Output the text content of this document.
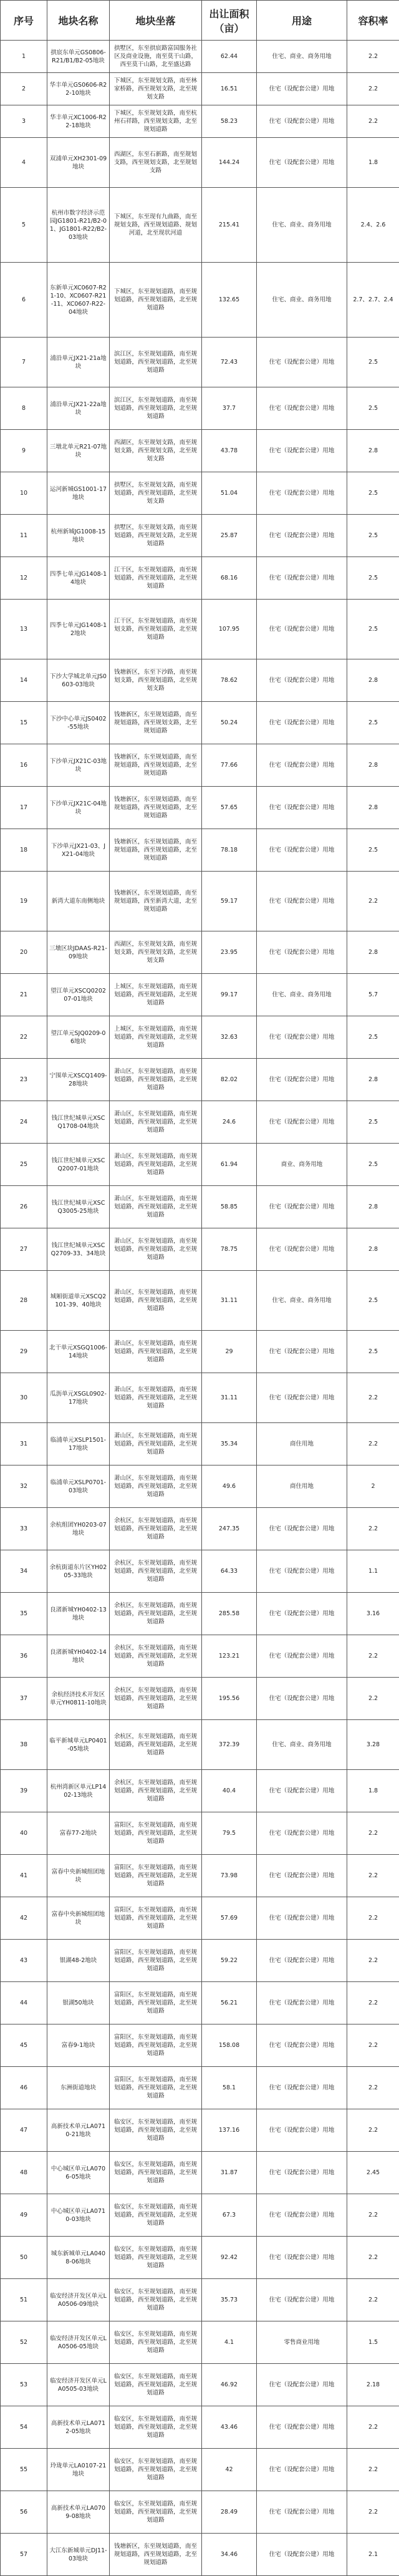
序号	地块名称	地块坐落	出让面积（亩）	用途	容积率
1	拱宸东单元GS0806-R21/B1/B2-05地块	拱墅区，东至拱宸路富国服务社区及商业设施，南至莫干山路，西至莫干山路，北至盛达路	62.44	住宅、商业、商务用地	2.2
2	华丰单元GS0606-R22-10地块	下城区，东至规划支路，南至林家桥路，西至规划支路，北至规划支路	16.51	住宅（设配套公建）用地	2.2
3	华丰单元XC1006-R22-18地块	下城区，东至规划支路，南至杭州石祥路，西至规划支路，北至规划道路	58.23	住宅（设配套公建）用地	2.2
4	双浦单元XH2301-09地块	西湖区，东至石新路，南至规划支路，西至规划支路，北至规划支路	144.24	住宅（设配套公建）用地	1.8
5	杭州市数字经济示范园JG1801-R21/B2-01、JG1801-R22/B2-03地块	下城区，东至现有九曲路，南至规划支路，西至规划道路、规划河道，北至现状河道	215.41	住宅、商业、商务用地	2.4、2.6
6	东新单元XC0607-R21-10、XC0607-R21-11、XC0607-R22-04地块	下城区，东至规划道路，南至规划道路，西至规划道路，北至规划道路	132.65	住宅、商业、商务用地	2.7、2.7、2.4
7	浦沿单元JX21-21a地块	滨江区，东至规划道路，南至规划道路，西至规划道路，北至规划道路	72.43	住宅（设配套公建）用地	2.5
8	浦沿单元JX21-22a地块	滨江区，东至规划道路，南至规划道路，西至规划道路，北至规划道路	37.7	住宅（设配套公建）用地	2.5
9	三墩北单元R21-07地块	西湖区，东至规划支路，南至规划支路，西至规划支路，北至规划支路	43.78	住宅（设配套公建）用地	2.8
10	运河新城GS1001-17地块	拱墅区，东至规划支路，南至规划道路，西至规划道路，北至规划支路	51.04	住宅（设配套公建）用地	2.5
11	杭州新城JG1008-15地块	拱墅区，东至规划支路，南至规划道路，西至规划支路，北至规划道路	25.87	住宅（设配套公建）用地	2.5
12	四季七单元JG1408-14地块	江干区，东至规划道路，南至规划道路，西至规划道路，北至规划道路	68.16	住宅（设配套公建）用地	2.5
13	四季七单元JG1408-12地块	江干区，东至规划道路，南至规划支路，西至规划道路，北至规划道路	107.95	住宅（设配套公建）用地	2.5
14	下沙大学城北单元JS0603-03地块	钱塘新区，东至下沙路，南至规划支路，西至规划道路，北至规划支路	78.62	住宅（设配套公建）用地	2.8
15	下沙中心单元JS0402-55地块	钱塘新区，东至规划道路，南至规划道路，西至规划支路，北至规划道路	50.24	住宅（设配套公建）用地	2.5
16	下沙单元JX21C-03地块	钱塘新区，东至规划道路，南至规划道路，西至规划道路，北至规划道路	77.66	住宅（设配套公建）用地	2.8
17	下沙单元JX21C-04地块	钱塘新区，东至规划道路，南至规划道路，西至规划道路，北至规划道路	57.65	住宅（设配套公建）用地	2.8
18	下沙单元JX21-03、JX21-04地块	钱塘新区，东至规划道路，南至规划道路，西至规划道路，北至规划道路	78.18	住宅（设配套公建）用地	2.5
19	新湾大道东南侧地块	钱塘新区，东至规划道路，南至规划道路，西至新湾大道，北至规划道路	59.17	住宅（设配套公建）用地	2.2
20	三墩区块JDAAS-R21-09地块	西湖区，东至规划支路，南至规划支路，西至规划支路，北至规划支路	23.95	住宅（设配套公建）用地	2.8
21	望江单元XSCQ020207-01地块	上城区，东至规划道路，南至规划道路，西至规划道路，北至规划道路	99.17	住宅、商业、商务用地	5.7
22	望江单元SJQ0209-06地块	上城区，东至规划道路，南至规划道路，西至规划道路，北至规划道路	32.63	住宅（设配套公建）用地	2.5
23	宁围单元XSCQ1409-28地块	萧山区，东至规划道路，南至规划道路，西至规划道路，北至规划道路	82.02	住宅（设配套公建）用地	2.8
24	钱江世纪城单元XSCQ1708-04地块	萧山区，东至规划道路，南至规划道路，西至规划道路，北至规划道路	24.6	住宅（设配套公建）用地	2.5
25	钱江世纪城单元XSCQ2007-01地块	萧山区，东至规划道路，南至规划道路，西至规划道路，北至规划道路	61.94	商业、商务用地	2.5
26	钱江世纪城单元XSCQ3005-25地块	萧山区，东至规划道路，南至规划道路，西至规划道路，北至规划道路	58.85	住宅（设配套公建）用地	2.8
27	钱江世纪城单元XSCQ2709-33、34地块	萧山区，东至规划道路，南至规划道路，西至规划道路，北至规划道路	78.75	住宅（设配套公建）用地	2.8
28	城厢街道单元XSCQ2101-39、40地块	萧山区，东至规划道路，南至规划道路，西至规划道路，北至规划道路	31.11	住宅、商业、商务用地	2.5
29	北干单元XSGQ1006-14地块	萧山区，东至规划道路，南至规划道路，西至规划道路，北至规划道路	29	住宅（设配套公建）用地	2.5
30	瓜沥单元XSGL0902-17地块	萧山区，东至规划道路，南至规划道路，西至规划道路，北至规划道路	31.11	住宅（设配套公建）用地	2.2
31	临浦单元XSLP1501-17地块	萧山区，东至规划道路，南至规划道路，西至规划道路，北至规划道路	35.34	商住用地	2.2
32	临浦单元XSLP0701-03地块	萧山区，东至规划道路，南至规划道路，西至规划道路，北至规划道路	49.6	商住用地	2
33	余杭组团YH0203-07地块	余杭区，东至规划道路，南至规划道路，西至规划道路，北至规划道路	247.35	住宅（设配套公建）用地	2.2
34	余杭街道东片区YH0205-33地块	余杭区，东至规划道路，南至规划道路，西至规划道路，北至规划道路	64.33	住宅（设配套公建）用地	1.1
35	良渚新城YH0402-13地块	余杭区，东至规划道路，南至规划道路，西至规划道路，北至规划道路	285.58	住宅（设配套公建）用地	3.16
36	良渚新城YH0402-14地块	余杭区，东至规划道路，南至规划道路，西至规划道路，北至规划道路	123.21	住宅（设配套公建）用地	2.2
37	余杭经济技术开发区单元YH0811-10地块	余杭区，东至规划道路，南至规划道路，西至规划道路，北至规划道路	195.56	住宅（设配套公建）用地	2.2
38	临平新城单元LP0401-05地块	余杭区，东至规划道路，南至规划道路，西至规划道路，北至规划道路	372.39	住宅、商业、商务用地	3.28
39	杭州湾新区单元LP1402-13地块	余杭区，东至规划道路，南至规划道路，西至规划道路，北至规划道路	40.4	住宅（设配套公建）用地	1.8
40	富春77-2地块	富阳区，东至规划道路，南至规划道路，西至规划道路，北至规划道路	79.5	住宅（设配套公建）用地	2.2
41	富春中央新城组团地块	富阳区，东至规划道路，南至规划道路，西至规划道路，北至规划道路	73.98	住宅（设配套公建）用地	2.2
42	富春中央新城组团地块	富阳区，东至规划道路，南至规划道路，西至规划道路，北至规划道路	57.69	住宅（设配套公建）用地	2.2
43	银湖48-2地块	富阳区，东至规划道路，南至规划道路，西至规划道路，北至规划道路	59.22	住宅（设配套公建）用地	2.2
44	银湖50地块	富阳区，东至规划道路，南至规划道路，西至规划道路，北至规划道路	56.21	住宅（设配套公建）用地	2.2
45	富春9-1地块	富阳区，东至规划道路，南至规划道路，西至规划道路，北至规划道路	158.08	住宅（设配套公建）用地	2.2
46	东洲街道地块	富阳区，东至规划道路，南至规划道路，西至规划道路，北至规划道路	58.1	住宅（设配套公建）用地	2.2
47	高新技术单元LA0710-21地块	临安区，东至规划道路，南至规划道路，西至规划道路，北至规划道路	137.16	住宅（设配套公建）用地	2.2
48	中心城区单元LA0706-05地块	临安区，东至规划道路，南至规划道路，西至规划道路，北至规划道路	31.87	住宅（设配套公建）用地	2.45
49	中心城区单元LA0710-03地块	临安区，东至规划道路，南至规划道路，西至规划道路，北至规划道路	67.3	住宅（设配套公建）用地	2.2
50	城东新城单元LA0408-06地块	临安区，东至规划道路，南至规划道路，西至规划道路，北至规划道路	92.42	住宅（设配套公建）用地	2.2
51	临安经济开发区单元LA0506-09地块	临安区，东至规划道路，南至规划道路，西至规划道路，北至规划道路	35.73	住宅（设配套公建）用地	2.2
52	临安经济开发区单元LA0506-05地块	临安区，东至规划道路，南至规划道路，西至规划道路，北至规划道路	4.1	零售商业用地	1.5
53	临安经济开发区单元LA0505-03地块	临安区，东至规划道路，南至规划道路，西至规划道路，北至规划道路	46.92	住宅（设配套公建）用地	2.18
54	高新技术单元LA0712-05地块	临安区，东至规划道路，南至规划道路，西至规划道路，北至规划道路	43.46	住宅（设配套公建）用地	2.2
55	玲珑单元LA0107-21地块	临安区，东至规划道路，南至规划道路，西至规划道路，北至规划道路	42	住宅（设配套公建）用地	2.2
56	高新技术单元LA0709-08地块	临安区，东至规划道路，南至规划道路，西至规划道路，北至规划道路	28.49	住宅（设配套公建）用地	2.2
57	大江东新城单元DJ11-03地块	钱塘新区，东至规划道路，南至规划道路，西至规划道路，北至规划道路	34.46	住宅（设配套公建）用地	2.1
